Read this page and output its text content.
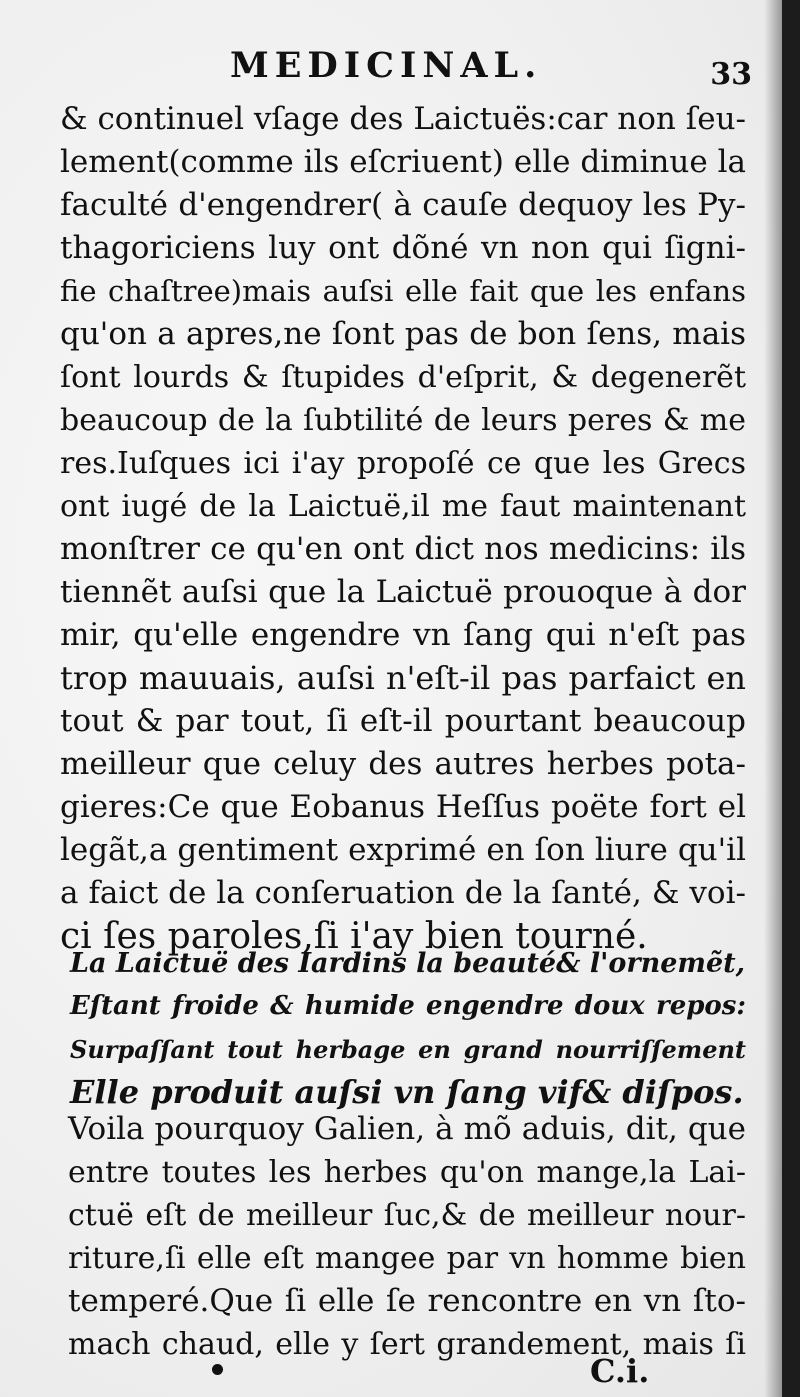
MEDICINAL.	33
& continuel vſage des Laictuës:car non ſeu-
lement(comme ils eſcriuent) elle diminue la
faculté d'engendrer( à cauſe dequoy les Py-
thagoriciens luy ont dõné vn non qui ſigni-
fie chaſtree)mais auſsi elle fait que les enfans
qu'on a apres,ne ſont pas de bon ſens, mais
ſont lourds & ſtupides d'eſprit, & degenerẽt
beaucoup de la ſubtilité de leurs peres & me
res.Iuſques ici i'ay propoſé ce que les Grecs
ont iugé de la Laictuë,il me faut maintenant
monſtrer ce qu'en ont dict nos medicins: ils
tiennẽt auſsi que la Laictuë prouoque à dor
mir, qu'elle engendre vn ſang qui n'eſt pas
trop mauuais, auſsi n'eſt-il pas parfaict en
tout & par tout, ſi eſt-il pourtant beaucoup
meilleur que celuy des autres herbes pota-
gieres:Ce que Eobanus Heſſus poëte fort el
legãt,a gentiment exprimé en ſon liure qu'il
a faict de la conſeruation de la ſanté, & voi-
ci ſes paroles,ſi i'ay bien tourné.
La Laictuë des Iardins la beauté& l'ornemẽt,
Eſtant froide & humide engendre doux repos:
Surpaſſant tout herbage en grand nourriſſement
Elle produit auſsi vn ſang vif& diſpos.
Voila pourquoy Galien, à mõ aduis, dit, que
entre toutes les herbes qu'on mange,la Lai-
ctuë eſt de meilleur ſuc,& de meilleur nour-
riture,ſi elle eſt mangee par vn homme bien
temperé.Que ſi elle ſe rencontre en vn ſto-
mach chaud, elle y ſert grandement, mais ſi
C.i.
